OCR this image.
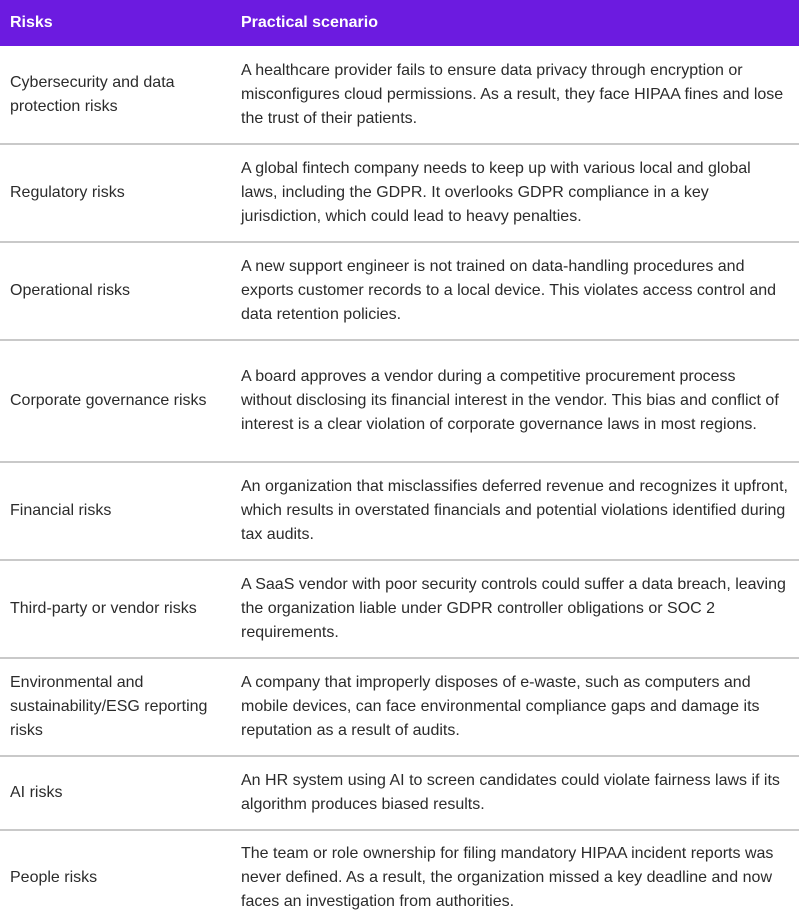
Risks	Practical scenario
Cybersecurity and data protection risks	A healthcare provider fails to ensure data privacy through encryption or misconfigures cloud permissions. As a result, they face HIPAA fines and lose the trust of their patients.
Regulatory risks	A global fintech company needs to keep up with various local and global laws, including the GDPR. It overlooks GDPR compliance in a key jurisdiction, which could lead to heavy penalties.
Operational risks	A new support engineer is not trained on data-handling procedures and exports customer records to a local device. This violates access control and data retention policies.
Corporate governance risks	A board approves a vendor during a competitive procurement process without disclosing its financial interest in the vendor. This bias and conflict of interest is a clear violation of corporate governance laws in most regions.
Financial risks	An organization that misclassifies deferred revenue and recognizes it upfront, which results in overstated financials and potential violations identified during tax audits.
Third-party or vendor risks	A SaaS vendor with poor security controls could suffer a data breach, leaving the organization liable under GDPR controller obligations or SOC 2 requirements.
Environmental and sustainability/ESG reporting risks	A company that improperly disposes of e-waste, such as computers and mobile devices, can face environmental compliance gaps and damage its reputation as a result of audits.
AI risks	An HR system using AI to screen candidates could violate fairness laws if its algorithm produces biased results.
People risks	The team or role ownership for filing mandatory HIPAA incident reports was never defined. As a result, the organization missed a key deadline and now faces an investigation from authorities.
